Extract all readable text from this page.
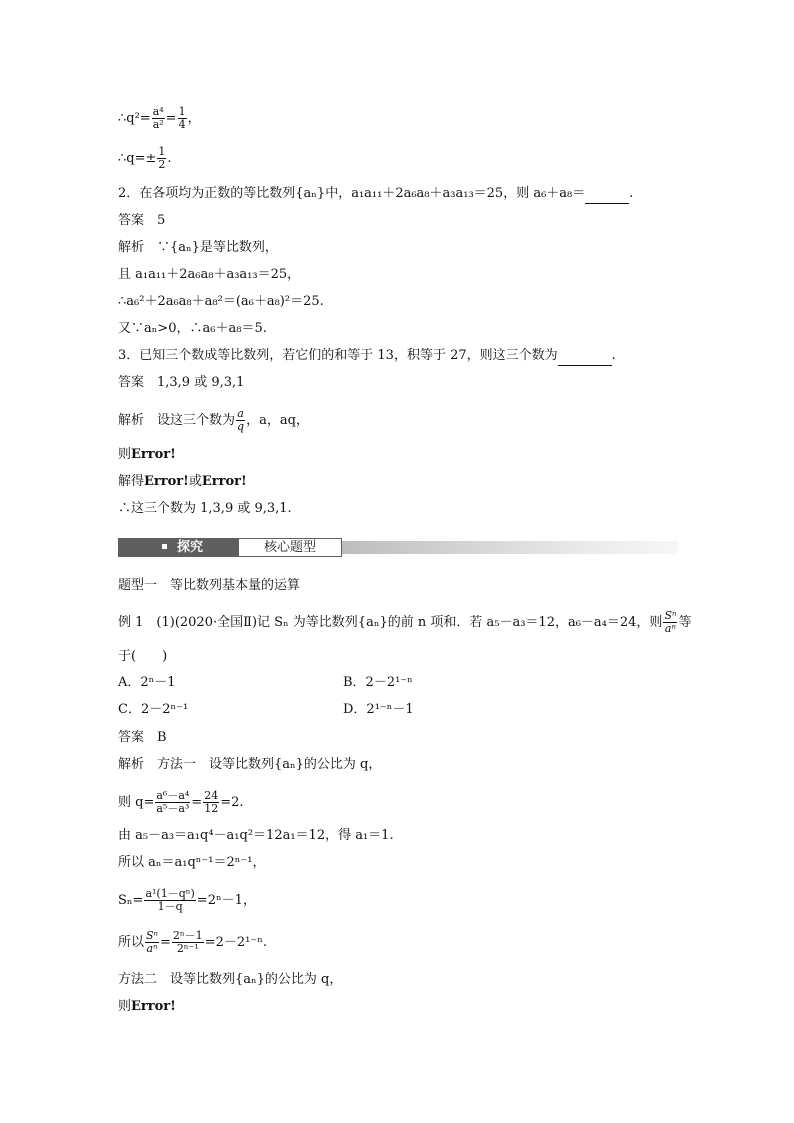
∴q²= $\frac{\text{a⁴}}{\text{a²}} = \frac{1}{4}$ ，
∴q=± $\frac{1}{2}$ .
2．在各项均为正数的等比数列{aₙ}中，a₁a₁₁＋2a₆a₈＋a₃a₁₃＝25，则 a₆＋a₈＝	.
答案　5
解析　∵{aₙ}是等比数列，
且 a₁a₁₁＋2a₆a₈＋a₃a₁₃＝25，
∴a₆²＋2a₆a₈＋a₈²＝(a₆＋a₈)²＝25.
又∵aₙ>0，∴a₆＋a₈＝5.
3．已知三个数成等比数列，若它们的和等于 13，积等于 27，则这三个数为	.
答案　1,3,9 或 9,3,1
解析　设这三个数为 $\frac{a}{q}$ ，a，aq，
则Error!
解得Error!或Error!
∴这三个数为 1,3,9 或 9,3,1.
探究	核心题型
题型一　等比数列基本量的运算
例 1　(1)(2020·全国Ⅱ)记 Sₙ 为等比数列{aₙ}的前 n 项和．若 a₅－a₃＝12，a₆－a₄＝24，则 $\frac{\text{Sⁿ}}{\text{aⁿ}}$ 等
于(　　)
A．2ⁿ－1	B．2－2¹⁻ⁿ
C．2－2ⁿ⁻¹	D．2¹⁻ⁿ－1
答案　B
解析　方法一　设等比数列{aₙ}的公比为 q，
则 $q= \frac{\text{a⁶－a⁴}}{\text{a⁵－a³}} = \frac{24}{12} =2$.
由 a₅－a₃＝a₁q⁴－a₁q²＝12a₁＝12，得 a₁＝1.
所以 aₙ＝a₁qⁿ⁻¹＝2ⁿ⁻¹，
$S_n= \frac{\text{a¹(1－qⁿ)}}{1-q} =2^n-1$，
所以 $\frac{\text{Sⁿ}}{\text{aⁿ}} = \frac{\text{2ⁿ－1}}{\text{2ⁿ⁻¹}} =2-2^{1-n}$.
方法二　设等比数列{aₙ}的公比为 q，
则Error!
